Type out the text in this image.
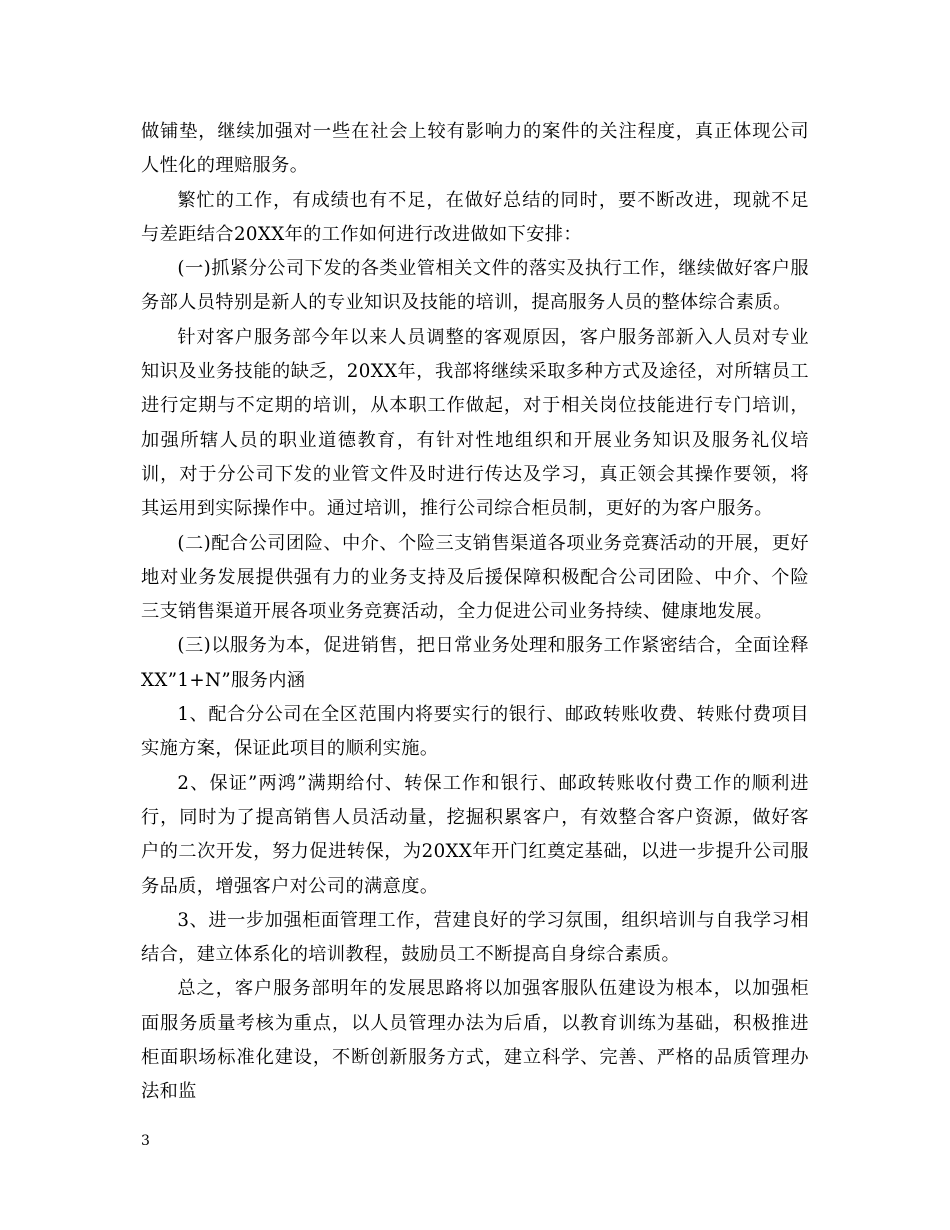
做铺垫，继续加强对一些在社会上较有影响力的案件的关注程度，真正体现公司人性化的理赔服务。

繁忙的工作，有成绩也有不足，在做好总结的同时，要不断改进，现就不足与差距结合20XX年的工作如何进行改进做如下安排：

(一)抓紧分公司下发的各类业管相关文件的落实及执行工作，继续做好客户服务部人员特别是新人的专业知识及技能的培训，提高服务人员的整体综合素质。

针对客户服务部今年以来人员调整的客观原因，客户服务部新入人员对专业知识及业务技能的缺乏，20XX年，我部将继续采取多种方式及途径，对所辖员工进行定期与不定期的培训，从本职工作做起，对于相关岗位技能进行专门培训，加强所辖人员的职业道德教育，有针对性地组织和开展业务知识及服务礼仪培训，对于分公司下发的业管文件及时进行传达及学习，真正领会其操作要领，将其运用到实际操作中。通过培训，推行公司综合柜员制，更好的为客户服务。

(二)配合公司团险、中介、个险三支销售渠道各项业务竞赛活动的开展，更好地对业务发展提供强有力的业务支持及后援保障积极配合公司团险、中介、个险三支销售渠道开展各项业务竞赛活动，全力促进公司业务持续、健康地发展。

(三)以服务为本，促进销售，把日常业务处理和服务工作紧密结合，全面诠释XX”1+N”服务内涵

1、配合分公司在全区范围内将要实行的银行、邮政转账收费、转账付费项目实施方案，保证此项目的顺利实施。

2、保证”两鸿”满期给付、转保工作和银行、邮政转账收付费工作的顺利进行，同时为了提高销售人员活动量，挖掘积累客户，有效整合客户资源，做好客户的二次开发，努力促进转保，为20XX年开门红奠定基础，以进一步提升公司服务品质，增强客户对公司的满意度。

3、进一步加强柜面管理工作，营建良好的学习氛围，组织培训与自我学习相结合，建立体系化的培训教程，鼓励员工不断提高自身综合素质。

总之，客户服务部明年的发展思路将以加强客服队伍建设为根本，以加强柜面服务质量考核为重点，以人员管理办法为后盾，以教育训练为基础，积极推进柜面职场标准化建设，不断创新服务方式，建立科学、完善、严格的品质管理办法和监

3
